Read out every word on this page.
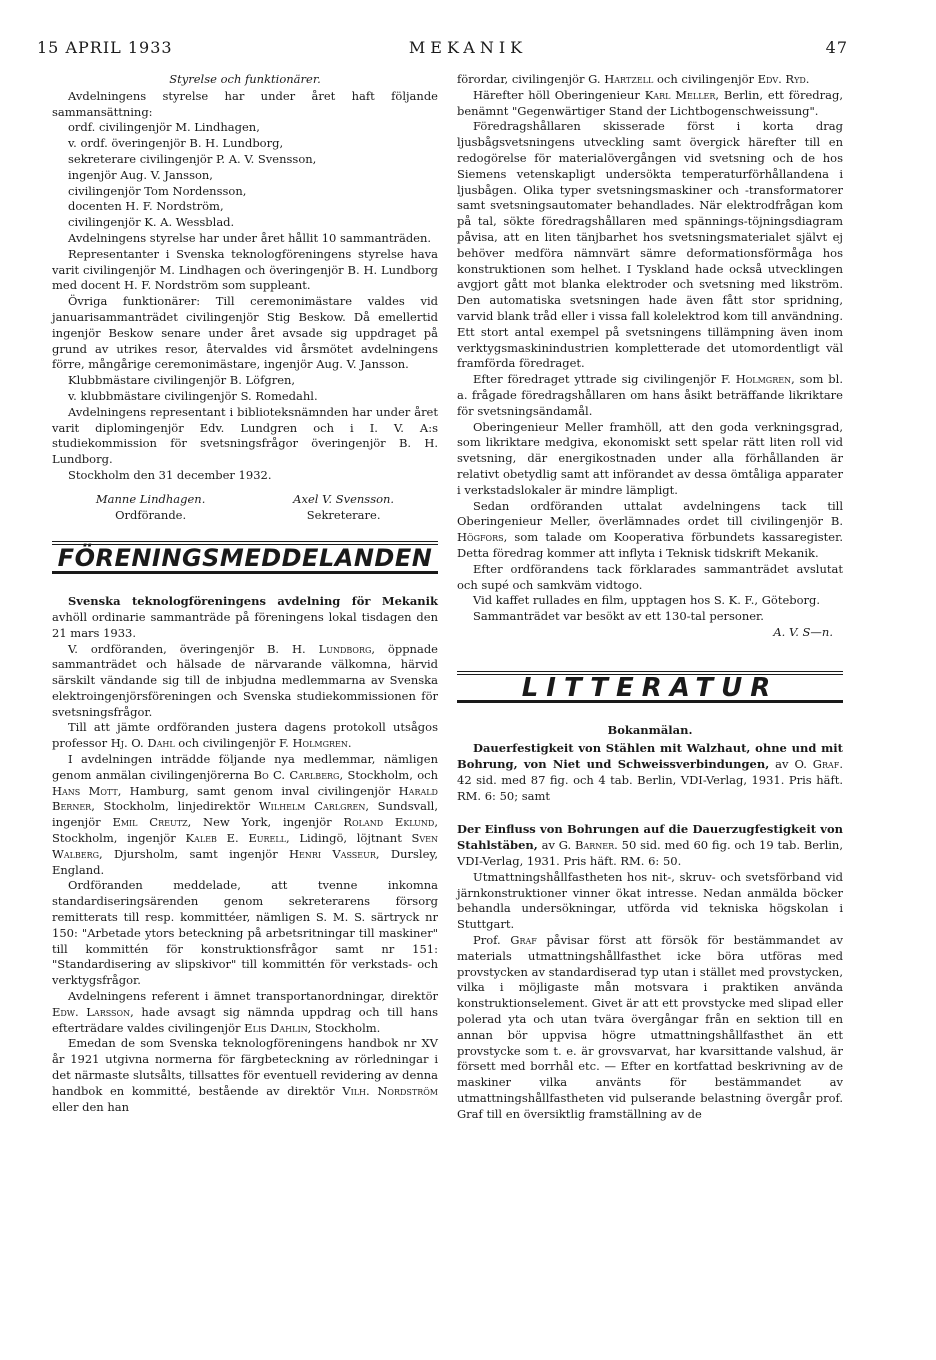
15 APRIL 1933	MEKANIK	47

Styrelse och funktionärer.

Avdelningens styrelse har under året haft följande sammansättning:

ordf. civilingenjör M. Lindhagen,

v. ordf. överingenjör B. H. Lundborg,

sekreterare civilingenjör P. A. V. Svensson,

ingenjör Aug. V. Jansson,

civilingenjör Tom Nordensson,

docenten H. F. Nordström,

civilingenjör K. A. Wessblad.

Avdelningens styrelse har under året hållit 10 sammanträden.

Representanter i Svenska teknologföreningens styrelse hava varit civilingenjör M. Lindhagen och överingenjör B. H. Lundborg med docent H. F. Nordström som suppleant.

Övriga funktionärer: Till ceremonimästare valdes vid januarisammanträdet civilingenjör Stig Beskow. Då emellertid ingenjör Beskow senare under året avsade sig uppdraget på grund av utrikes resor, återvaldes vid årsmötet avdelningens förre, mångårige ceremonimästare, ingenjör Aug. V. Jansson.

Klubbmästare civilingenjör B. Löfgren,

v. klubbmästare civilingenjör S. Romedahl.

Avdelningens representant i biblioteksnämnden har under året varit diplomingenjör Edv. Lundgren och i I. V. A:s studiekommission för svetsningsfrågor överingenjör B. H. Lundborg.

Stockholm den 31 december 1932.

Manne Lindhagen.
Ordförande.
Axel V. Svensson.
Sekreterare.
FÖRENINGSMEDDELANDEN

Svenska teknologföreningens avdelning för Mekanik avhöll ordinarie sammanträde på föreningens lokal tisdagen den 21 mars 1933.

V. ordföranden, överingenjör B. H. Lundborg, öppnade sammanträdet och hälsade de närvarande välkomna, härvid särskilt vändande sig till de inbjudna medlemmarna av Svenska elektroingenjörsföreningen och Svenska studiekommissionen för svetsningsfrågor.

Till att jämte ordföranden justera dagens protokoll utsågos professor Hj. O. Dahl och civilingenjör F. Holmgren.

I avdelningen inträdde följande nya medlemmar, nämligen genom anmälan civilingenjörerna Bo C. Carlberg, Stockholm, och Hans Mott, Hamburg, samt genom inval civilingenjör Harald Berner, Stockholm, linjedirektör Wilhelm Carlgren, Sundsvall, ingenjör Emil Creutz, New York, ingenjör Roland Eklund, Stockholm, ingenjör Kaleb E. Eurell, Lidingö, löjtnant Sven Walberg, Djursholm, samt ingenjör Henri Vasseur, Dursley, England.

Ordföranden meddelade, att tvenne inkomna standardiseringsärenden genom sekreterarens försorg remitterats till resp. kommittéer, nämligen S. M. S. särtryck nr 150: "Arbetade ytors beteckning på arbetsritningar till maskiner" till kommittén för konstruktionsfrågor samt nr 151: "Standardisering av slipskivor" till kommittén för verkstads- och verktygsfrågor.

Avdelningens referent i ämnet transportanordningar, direktör Edw. Larsson, hade avsagt sig nämnda uppdrag och till hans efterträdare valdes civilingenjör Elis Dahlin, Stockholm.

Emedan de som Svenska teknologföreningens handbok nr XV år 1921 utgivna normerna för färgbeteckning av rörledningar i det närmaste slutsålts, tillsattes för eventuell revidering av denna handbok en kommitté, bestående av direktör Vilh. Nordström eller den han

förordar, civilingenjör G. Hartzell och civilingenjör Edv. Ryd.

Härefter höll Oberingenieur Karl Meller, Berlin, ett föredrag, benämnt "Gegenwärtiger Stand der Lichtbogenschweissung".

Föredragshållaren skisserade först i korta drag ljusbågsvetsningens utveckling samt övergick härefter till en redogörelse för materialövergången vid svetsning och de hos Siemens vetenskapligt undersökta temperaturförhållandena i ljusbågen. Olika typer svetsningsmaskiner och -transformatorer samt svetsningsautomater behandlades. När elektrodfrågan kom på tal, sökte föredragshållaren med spännings-töjningsdiagram påvisa, att en liten tänjbarhet hos svetsningsmaterialet självt ej behöver medföra nämnvärt sämre deformationsförmåga hos konstruktionen som helhet. I Tyskland hade också utvecklingen avgjort gått mot blanka elektroder och svetsning med likström. Den automatiska svetsningen hade även fått stor spridning, varvid blank tråd eller i vissa fall kolelektrod kom till användning. Ett stort antal exempel på svetsningens tillämpning även inom verktygsmaskinindustrien kompletterade det utomordentligt väl framförda föredraget.

Efter föredraget yttrade sig civilingenjör F. Holmgren, som bl. a. frågade föredragshållaren om hans åsikt beträffande likriktare för svetsningsändamål.

Oberingenieur Meller framhöll, att den goda verkningsgrad, som likriktare medgiva, ekonomiskt sett spelar rätt liten roll vid svetsning, där energikostnaden under alla förhållanden är relativt obetydlig samt att införandet av dessa ömtåliga apparater i verkstadslokaler är mindre lämpligt.

Sedan ordföranden uttalat avdelningens tack till Oberingenieur Meller, överlämnades ordet till civilingenjör B. Högfors, som talade om Kooperativa förbundets kassaregister. Detta föredrag kommer att inflyta i Teknisk tidskrift Mekanik.

Efter ordförandens tack förklarades sammanträdet avslutat och supé och samkväm vidtogo.

Vid kaffet rullades en film, upptagen hos S. K. F., Göteborg.

Sammanträdet var besökt av ett 130-tal personer.

A. V. S—n.

LITTERATUR

Bokanmälan.

Dauerfestigkeit von Stählen mit Walzhaut, ohne und mit Bohrung, von Niet und Schweissverbindungen, av O. Graf. 42 sid. med 87 fig. och 4 tab. Berlin, VDI-Verlag, 1931. Pris häft. RM. 6: 50; samt

Der Einfluss von Bohrungen auf die Dauerzugfestigkeit von Stahlstäben, av G. Barner. 50 sid. med 60 fig. och 19 tab. Berlin, VDI-Verlag, 1931. Pris häft. RM. 6: 50.

Utmattningshållfastheten hos nit-, skruv- och svetsförband vid järnkonstruktioner vinner ökat intresse. Nedan anmälda böcker behandla undersökningar, utförda vid tekniska högskolan i Stuttgart.

Prof. Graf påvisar först att försök för bestämmandet av materials utmattningshållfasthet icke böra utföras med provstycken av standardiserad typ utan i stället med provstycken, vilka i möjligaste mån motsvara i praktiken använda konstruktionselement. Givet är att ett provstycke med slipad eller polerad yta och utan tvära övergångar från en sektion till en annan bör uppvisa högre utmattningshållfasthet än ett provstycke som t. e. är grovsvarvat, har kvarsittande valshud, är försett med borrhål etc. — Efter en kortfattad beskrivning av de maskiner vilka använts för bestämmandet av utmattningshållfastheten vid pulserande belastning övergår prof. Graf till en översiktlig framställning av de
